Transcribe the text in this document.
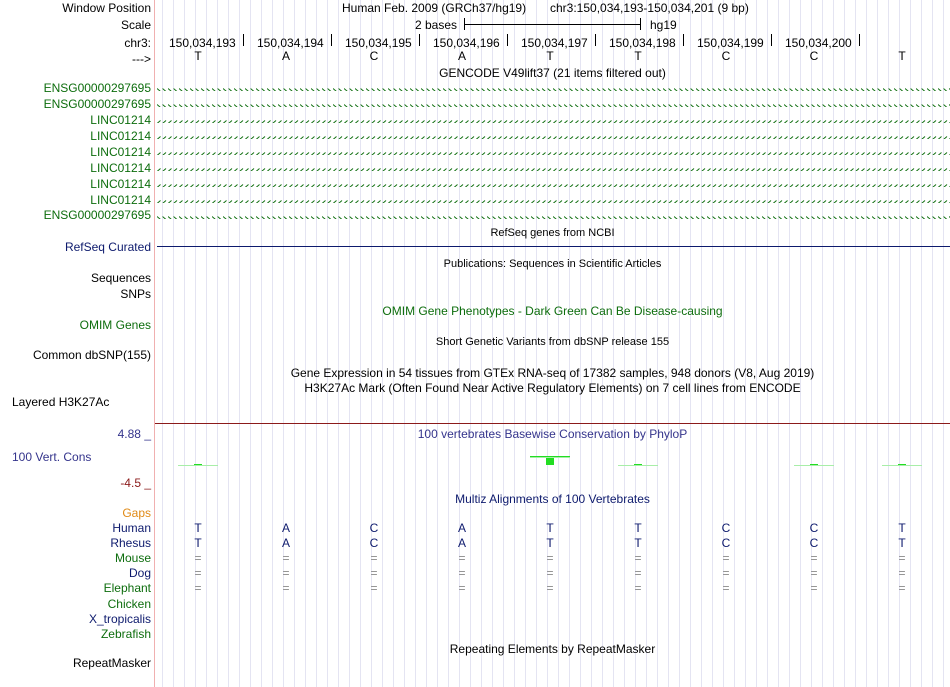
Window Position
Scale
chr3:
--->
ENSG00000297695
ENSG00000297695
LINC01214
LINC01214
LINC01214
LINC01214
LINC01214
LINC01214
ENSG00000297695
RefSeq Curated
Sequences
SNPs
OMIM Genes
Common dbSNP(155)
Layered H3K27Ac
4.88 _
100 Vert. Cons
-4.5 _
Gaps
Human
Rhesus
Mouse
Dog
Elephant
Chicken
X_tropicalis
Zebrafish
RepeatMasker
Human Feb. 2009 (GRCh37/hg19) chr3:150,034,193-150,034,201 (9 bp)
2 bases	hg19
150,034,193 150,034,194 150,034,195 150,034,196 150,034,197 150,034,198 150,034,199 150,034,200
T	A	C	A	T	T	C	C	T
GENCODE V49lift37 (21 items filtered out)
RefSeq genes from NCBI
Publications: Sequences in Scientific Articles
OMIM Gene Phenotypes - Dark Green Can Be Disease-causing
Short Genetic Variants from dbSNP release 155
Gene Expression in 54 tissues from GTEx RNA-seq of 17382 samples, 948 donors (V8, Aug 2019)
H3K27Ac Mark (Often Found Near Active Regulatory Elements) on 7 cell lines from ENCODE
100 vertebrates Basewise Conservation by PhyloP
Multiz Alignments of 100 Vertebrates
T	A	C	A	T	T	C	C	T
T	A	C	A	T	T	C	C	T
=	=	=	=	=	=	=	=	=
=	=	=	=	=	=	=	=	=
=	=	=	=	=	=	=	=	=
Repeating Elements by RepeatMasker
